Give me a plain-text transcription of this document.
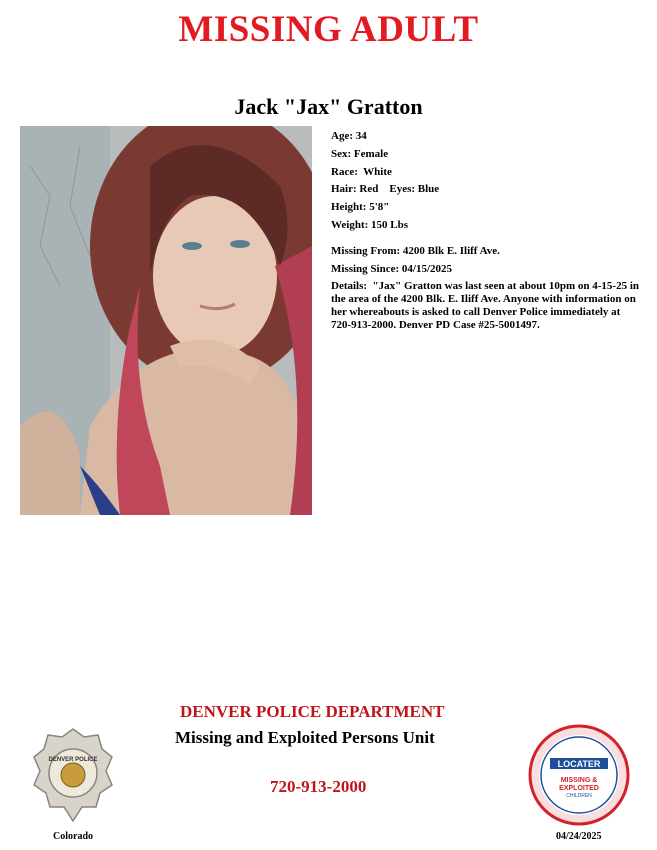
MISSING ADULT
Jack "Jax" Gratton
Age: 34
Sex: Female
Race:  White
Hair: Red    Eyes: Blue
Height: 5'8"
Weight: 150 Lbs
Missing From: 4200 Blk E. Iliff Ave.
Missing Since: 04/15/2025
Details:  "Jax" Gratton was last seen at about 10pm on 4-15-25 in the area of the 4200 Blk. E. Iliff Ave. Anyone with information on her whereabouts is asked to call Denver Police immediately at 720-913-2000. Denver PD Case #25-5001497.
DENVER POLICE DEPARTMENT
Missing and Exploited Persons Unit
720-913-2000
DENVER POLICE
Colorado
LOCATER
MISSING &
EXPLOITED
CHILDREN
04/24/2025
